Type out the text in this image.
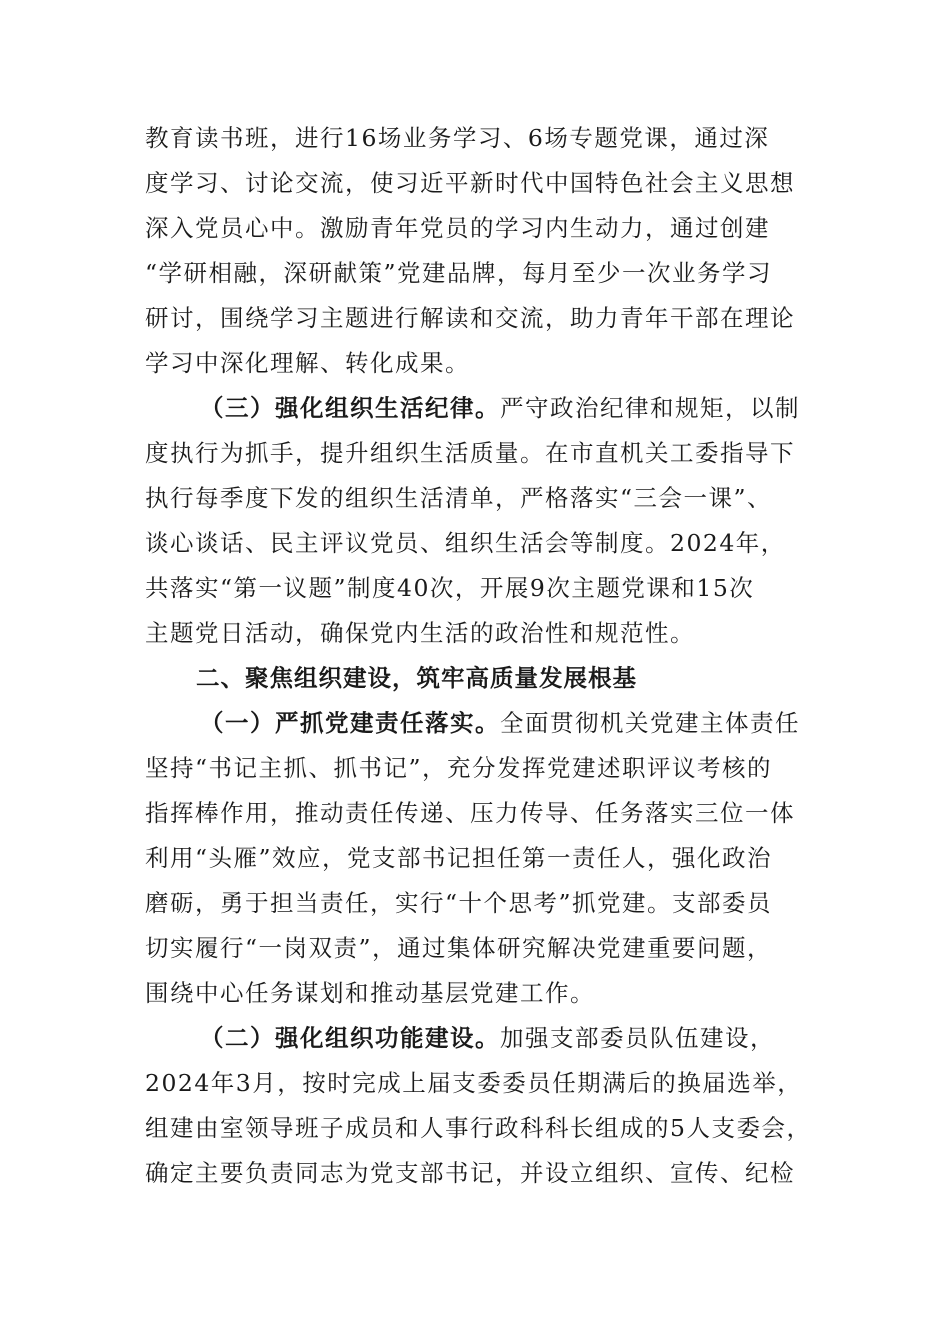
教育读书班，进行16场业务学习、6场专题党课，通过深
度学习、讨论交流，使习近平新时代中国特色社会主义思想
深入党员心中。激励青年党员的学习内生动力，通过创建
“学研相融，深研献策”党建品牌，每月至少一次业务学习
研讨，围绕学习主题进行解读和交流，助力青年干部在理论
学习中深化理解、转化成果。
（三）强化组织生活纪律。严守政治纪律和规矩，以制
度执行为抓手，提升组织生活质量。在市直机关工委指导下
执行每季度下发的组织生活清单，严格落实“三会一课”、
谈心谈话、民主评议党员、组织生活会等制度。2024年，
共落实“第一议题”制度40次，开展9次主题党课和15次
主题党日活动，确保党内生活的政治性和规范性。
二、聚焦组织建设，筑牢高质量发展根基
（一）严抓党建责任落实。全面贯彻机关党建主体责任
坚持“书记主抓、抓书记”，充分发挥党建述职评议考核的
指挥棒作用，推动责任传递、压力传导、任务落实三位一体
利用“头雁”效应，党支部书记担任第一责任人，强化政治
磨砺，勇于担当责任，实行“十个思考”抓党建。支部委员
切实履行“一岗双责”，通过集体研究解决党建重要问题，
围绕中心任务谋划和推动基层党建工作。
（二）强化组织功能建设。加强支部委员队伍建设，
2024年3月，按时完成上届支委委员任期满后的换届选举，
组建由室领导班子成员和人事行政科科长组成的5人支委会，
确定主要负责同志为党支部书记，并设立组织、宣传、纪检
